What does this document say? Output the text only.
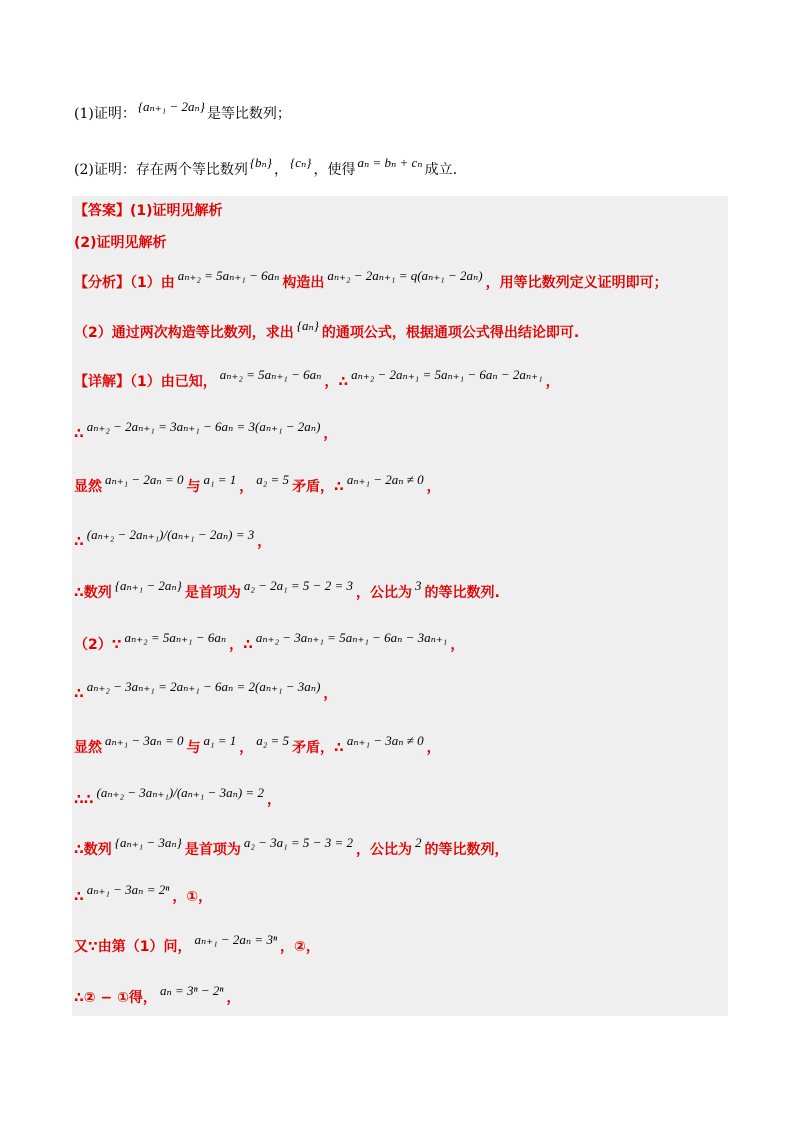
(1)证明： {aₙ₊₁ − 2aₙ} 是等比数列；
(2)证明：存在两个等比数列 {bₙ} ， {cₙ} ，使得 aₙ = bₙ + cₙ 成立.
【答案】(1)证明见解析
(2)证明见解析
【分析】（1）由 aₙ₊₂ = 5aₙ₊₁ − 6aₙ 构造出 aₙ₊₂ − 2aₙ₊₁ = q(aₙ₊₁ − 2aₙ) ，用等比数列定义证明即可；
（2）通过两次构造等比数列，求出 {aₙ} 的通项公式，根据通项公式得出结论即可.
【详解】（1）由已知， aₙ₊₂ = 5aₙ₊₁ − 6aₙ ，∴ aₙ₊₂ − 2aₙ₊₁ = 5aₙ₊₁ − 6aₙ − 2aₙ₊₁ ，
∴ aₙ₊₂ − 2aₙ₊₁ = 3aₙ₊₁ − 6aₙ = 3(aₙ₊₁ − 2aₙ) ，
显然 aₙ₊₁ − 2aₙ = 0 与 a₁ = 1 ， a₂ = 5 矛盾，∴ aₙ₊₁ − 2aₙ ≠ 0 ，
∴ (aₙ₊₂ − 2aₙ₊₁)/(aₙ₊₁ − 2aₙ) = 3 ，
∴数列 {aₙ₊₁ − 2aₙ} 是首项为 a₂ − 2a₁ = 5 − 2 = 3 ，公比为 3 的等比数列.
（2）∵ aₙ₊₂ = 5aₙ₊₁ − 6aₙ ，∴ aₙ₊₂ − 3aₙ₊₁ = 5aₙ₊₁ − 6aₙ − 3aₙ₊₁ ，
∴ aₙ₊₂ − 3aₙ₊₁ = 2aₙ₊₁ − 6aₙ = 2(aₙ₊₁ − 3aₙ) ，
显然 aₙ₊₁ − 3aₙ = 0 与 a₁ = 1 ， a₂ = 5 矛盾，∴ aₙ₊₁ − 3aₙ ≠ 0 ，
∴∴ (aₙ₊₂ − 3aₙ₊₁)/(aₙ₊₁ − 3aₙ) = 2 ，
∴数列 {aₙ₊₁ − 3aₙ} 是首项为 a₂ − 3a₁ = 5 − 3 = 2 ，公比为 2 的等比数列，
∴ aₙ₊₁ − 3aₙ = 2ⁿ ，①，
又∵由第（1）问， aₙ₊₁ − 2aₙ = 3ⁿ ，②，
∴② − ①得， aₙ = 3ⁿ − 2ⁿ ，
